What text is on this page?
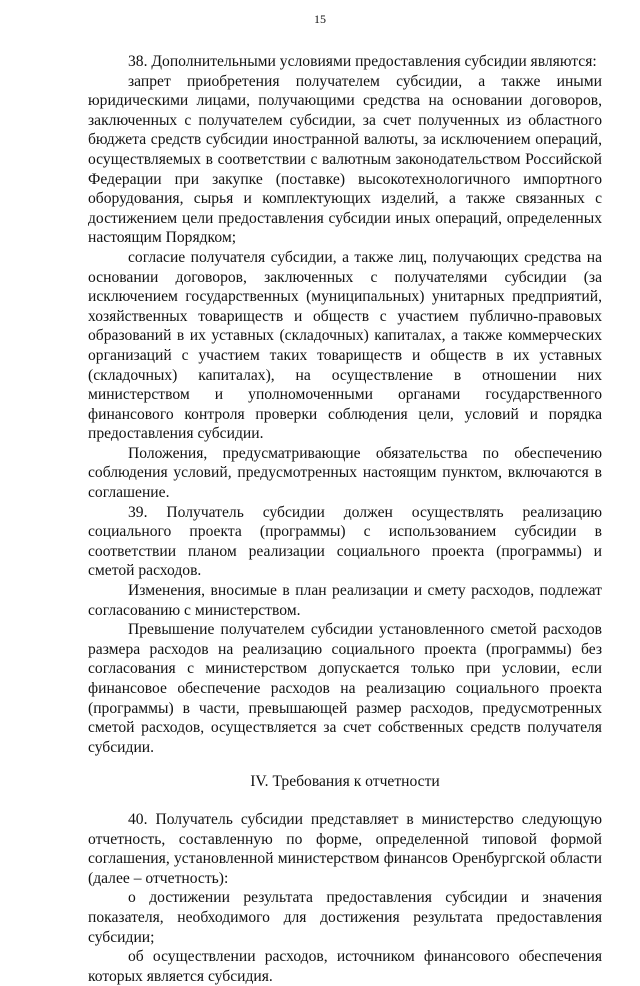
15

38. Дополнительными условиями предоставления субсидии являются:

запрет приобретения получателем субсидии, а также иными юридическими лицами, получающими средства на основании договоров, заключенных с получателем субсидии, за счет полученных из областного бюджета средств субсидии иностранной валюты, за исключением операций, осуществляемых в соответствии с валютным законодательством Российской Федерации при закупке (поставке) высокотехнологичного импортного оборудования, сырья и комплектующих изделий, а также связанных с достижением цели предоставления субсидии иных операций, определенных настоящим Порядком;

согласие получателя субсидии, а также лиц, получающих средства на основании договоров, заключенных с получателями субсидии (за исключением государственных (муниципальных) унитарных предприятий, хозяйственных товариществ и обществ с участием публично-правовых образований в их уставных (складочных) капиталах, а также коммерческих организаций с участием таких товариществ и обществ в их уставных (складочных) капиталах), на осуществление в отношении них министерством и уполномоченными органами государственного финансового контроля проверки соблюдения цели, условий и порядка предоставления субсидии.

Положения, предусматривающие обязательства по обеспечению соблюдения условий, предусмотренных настоящим пунктом, включаются в соглашение.

39. Получатель субсидии должен осуществлять реализацию социального проекта (программы) с использованием субсидии в соответствии планом реализации социального проекта (программы) и сметой расходов.

Изменения, вносимые в план реализации и смету расходов, подлежат согласованию с министерством.

Превышение получателем субсидии установленного сметой расходов размера расходов на реализацию социального проекта (программы) без согласования с министерством допускается только при условии, если финансовое обеспечение расходов на реализацию социального проекта (программы) в части, превышающей размер расходов, предусмотренных сметой расходов, осуществляется за счет собственных средств получателя субсидии.

IV. Требования к отчетности

40. Получатель субсидии представляет в министерство следующую отчетность, составленную по форме, определенной типовой формой соглашения, установленной министерством финансов Оренбургской области (далее – отчетность):

о достижении результата предоставления субсидии и значения показателя, необходимого для достижения результата предоставления субсидии;

об осуществлении расходов, источником финансового обеспечения которых является субсидия.
